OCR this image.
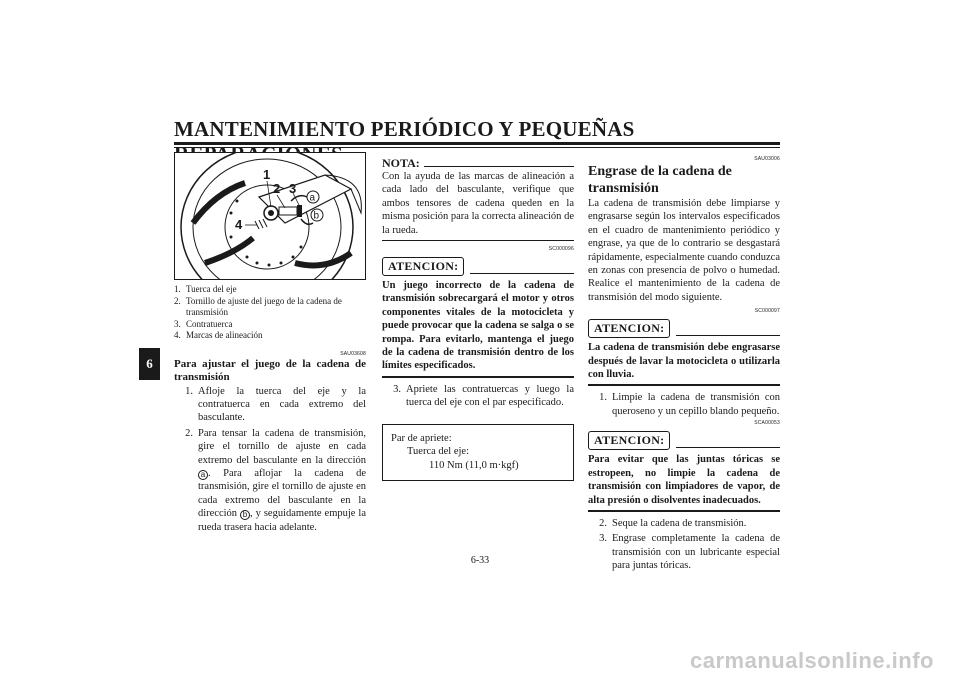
MANTENIMIENTO PERIÓDICO Y PEQUEÑAS
6
1
2 3
4
a
b
1. Tuerca del eje
2. Tornillo de ajuste del juego de la cadena de transmisión
3. Contratuerca
4. Marcas de alineación
SAU03608
Para ajustar el juego de la cadena de transmisión
1. Afloje la tuerca del eje y la contratuerca en cada extremo del basculante.
2. Para tensar la cadena de transmisión, gire el tornillo de ajuste en cada extremo del basculante en la dirección a . Para aflojar la cadena de transmisión, gire el tornillo de ajuste en cada extremo del basculante en la dirección b , y seguidamente empuje la rueda trasera hacia adelante.
NOTA:
Con la ayuda de las marcas de alineación a cada lado del basculante, verifique que ambos tensores de cadena queden en la misma posición para la correcta alineación de la rueda.
SC000096
ATENCION:
Un juego incorrecto de la cadena de transmisión sobrecargará el motor y otros componentes vitales de la motocicleta y puede provocar que la cadena se salga o se rompa. Para evitarlo, mantenga el juego de la cadena de transmisión dentro de los límites especificados.
3. Apriete las contratuercas y luego la tuerca del eje con el par especificado.
Par de apriete:
Tuerca del eje:
110 Nm (11,0 m·kgf)
SAU03006
Engrase de la cadena de transmisión
La cadena de transmisión debe limpiarse y engrasarse según los intervalos especificados en el cuadro de mantenimiento periódico y engrase, ya que de lo contrario se desgastará rápidamente, especialmente cuando conduzca en zonas con presencia de polvo o humedad. Realice el mantenimiento de la cadena de transmisión del modo siguiente.
SC000097
ATENCION:
La cadena de transmisión debe engrasarse después de lavar la motocicleta o utilizarla con lluvia.
1. Limpie la cadena de transmisión con queroseno y un cepillo blando pequeño.
SCA00053
ATENCION:
Para evitar que las juntas tóricas se estropeen, no limpie la cadena de transmisión con limpiadores de vapor, de alta presión o disolventes inadecuados.
2. Seque la cadena de transmisión.
3. Engrase completamente la cadena de transmisión con un lubricante especial para juntas tóricas.
6-33
carmanualsonline.info
